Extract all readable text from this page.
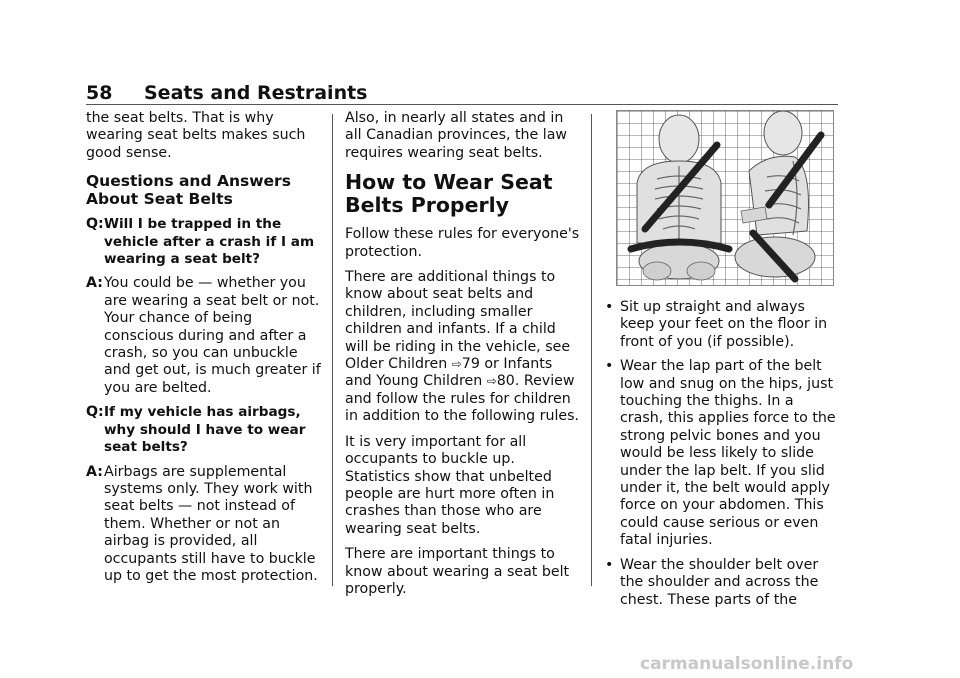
58	Seats and Restraints

the seat belts. That is why wearing seat belts makes such good sense.

Questions and Answers About Seat Belts
Q: Will I be trapped in the vehicle after a crash if I am wearing a seat belt?
A: You could be — whether you are wearing a seat belt or not. Your chance of being conscious during and after a crash, so you can unbuckle and get out, is much greater if you are belted.
Q: If my vehicle has airbags, why should I have to wear seat belts?
A: Airbags are supplemental systems only. They work with seat belts — not instead of them. Whether or not an airbag is provided, all occupants still have to buckle up to get the most protection.

Also, in nearly all states and in all Canadian provinces, the law requires wearing seat belts.

How to Wear Seat Belts Properly

Follow these rules for everyone's protection.

There are additional things to know about seat belts and children, including smaller children and infants. If a child will be riding in the vehicle, see Older Children ⇨79 or Infants and Young Children ⇨80. Review and follow the rules for children in addition to the following rules.

It is very important for all occupants to buckle up. Statistics show that unbelted people are hurt more often in crashes than those who are wearing seat belts.

There are important things to know about wearing a seat belt properly.

• Sit up straight and always keep your feet on the floor in front of you (if possible).
• Wear the lap part of the belt low and snug on the hips, just touching the thighs. In a crash, this applies force to the strong pelvic bones and you would be less likely to slide under the lap belt. If you slid under it, the belt would apply force on your abdomen. This could cause serious or even fatal injuries.
• Wear the shoulder belt over the shoulder and across the chest. These parts of the
carmanualsonline.info
